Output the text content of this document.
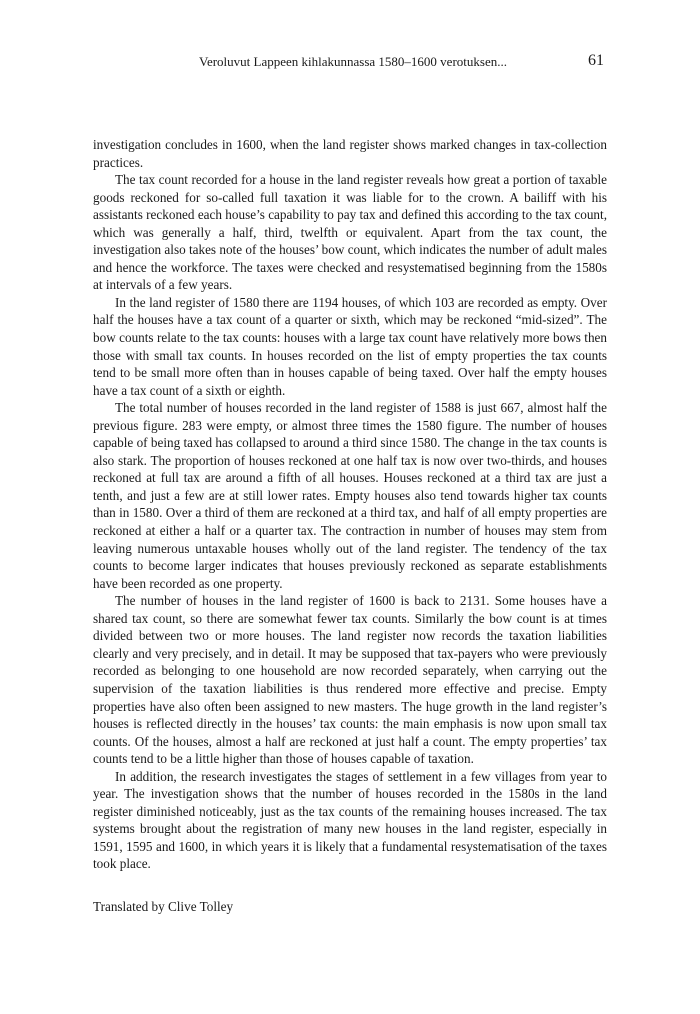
Veroluvut Lappeen kihlakunnassa 1580–1600 verotuksen...	61

investigation concludes in 1600, when the land register shows marked changes in tax-collection practices.

The tax count recorded for a house in the land register reveals how great a portion of taxable goods reckoned for so-called full taxation it was liable for to the crown. A bailiff with his assistants reckoned each house’s capability to pay tax and defined this according to the tax count, which was generally a half, third, twelfth or equivalent. Apart from the tax count, the investigation also takes note of the houses’ bow count, which indicates the number of adult males and hence the workforce. The taxes were checked and resystematised beginning from the 1580s at intervals of a few years.

In the land register of 1580 there are 1194 houses, of which 103 are recorded as empty. Over half the houses have a tax count of a quarter or sixth, which may be reckoned “mid-sized”. The bow counts relate to the tax counts: houses with a large tax count have relatively more bows then those with small tax counts. In houses recorded on the list of empty properties the tax counts tend to be small more often than in houses capable of being taxed. Over half the empty houses have a tax count of a sixth or eighth.

The total number of houses recorded in the land register of 1588 is just 667, almost half the previous figure. 283 were empty, or almost three times the 1580 figure. The number of houses capable of being taxed has collapsed to around a third since 1580. The change in the tax counts is also stark. The proportion of houses reckoned at one half tax is now over two-thirds, and houses reckoned at full tax are around a fifth of all houses. Houses reckoned at a third tax are just a tenth, and just a few are at still lower rates. Empty houses also tend towards higher tax counts than in 1580. Over a third of them are reckoned at a third tax, and half of all empty properties are reckoned at either a half or a quarter tax. The contraction in number of houses may stem from leaving numerous untaxable houses wholly out of the land register. The tendency of the tax counts to become larger indicates that houses previously reckoned as separate establishments have been recorded as one property.

The number of houses in the land register of 1600 is back to 2131. Some houses have a shared tax count, so there are somewhat fewer tax counts. Similarly the bow count is at times divided between two or more houses. The land register now records the taxation liabilities clearly and very precisely, and in detail. It may be supposed that tax-payers who were previously recorded as belonging to one household are now recorded separately, when carrying out the supervision of the taxation liabilities is thus rendered more effective and precise. Empty properties have also often been assigned to new masters. The huge growth in the land register’s houses is reflected directly in the houses’ tax counts: the main emphasis is now upon small tax counts. Of the houses, almost a half are reckoned at just half a count. The empty properties’ tax counts tend to be a little higher than those of houses capable of taxation.

In addition, the research investigates the stages of settlement in a few villages from year to year. The investigation shows that the number of houses recorded in the 1580s in the land register diminished noticeably, just as the tax counts of the remaining houses increased. The tax systems brought about the registration of many new houses in the land register, especially in 1591, 1595 and 1600, in which years it is likely that a fundamental resystematisation of the taxes took place.

Translated by Clive Tolley
